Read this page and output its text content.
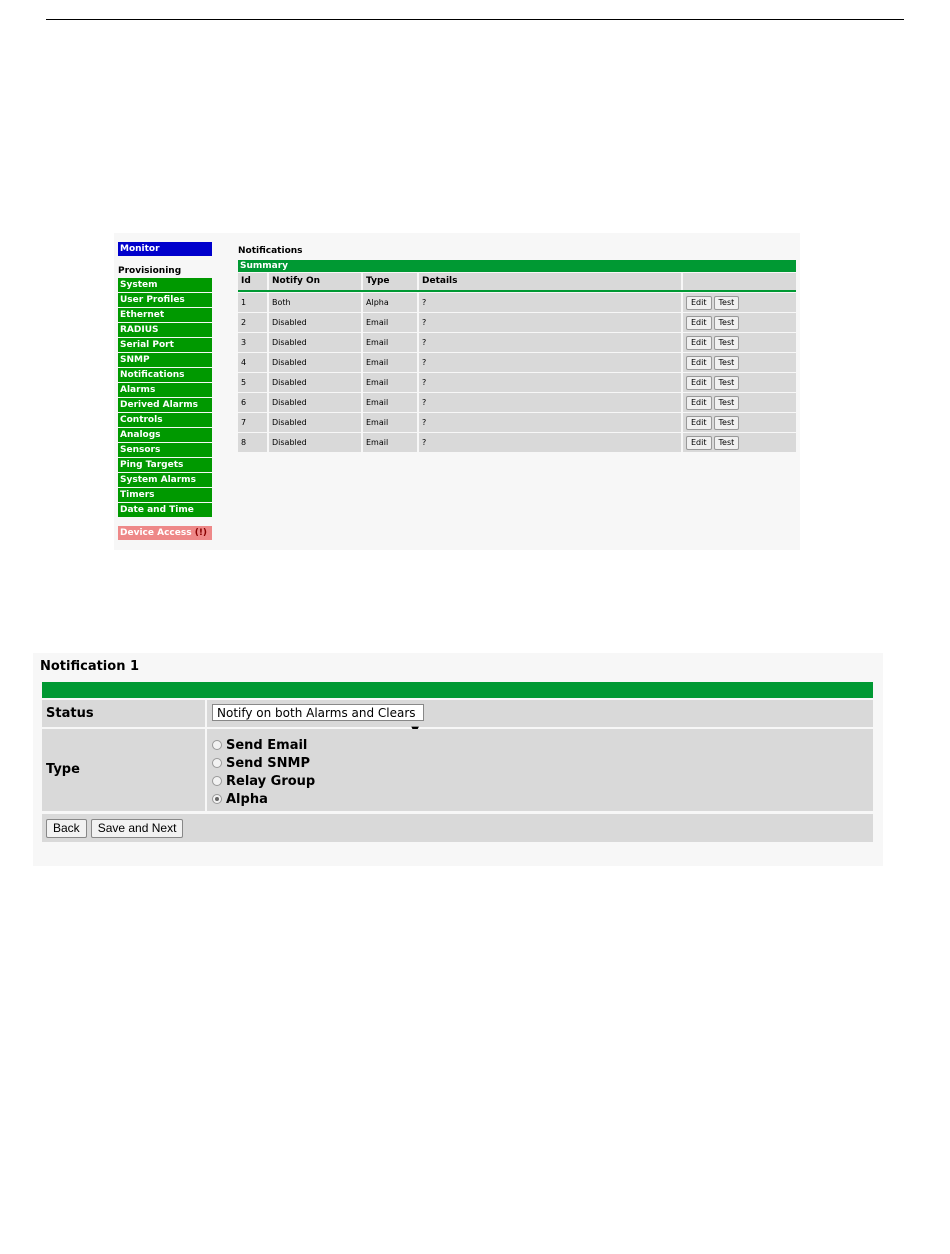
Monitor
Provisioning
System
User Profiles
Ethernet
RADIUS
Serial Port
SNMP
Notifications
Alarms
Derived Alarms
Controls
Analogs
Sensors
Ping Targets
System Alarms
Timers
Date and Time
Device Access (!)
Notifications
Summary
Id	Notify On	Type	Details
1	Both	Alpha	?	Edit Test
2	Disabled	Email	?	Edit Test
3	Disabled	Email	?	Edit Test
4	Disabled	Email	?	Edit Test
5	Disabled	Email	?	Edit Test
6	Disabled	Email	?	Edit Test
7	Disabled	Email	?	Edit Test
8	Disabled	Email	?	Edit Test
Notification 1
Status	Notify on both Alarms and Clears
Type
Send Email
Send SNMP
Relay Group
Alpha
Back	Save and Next
